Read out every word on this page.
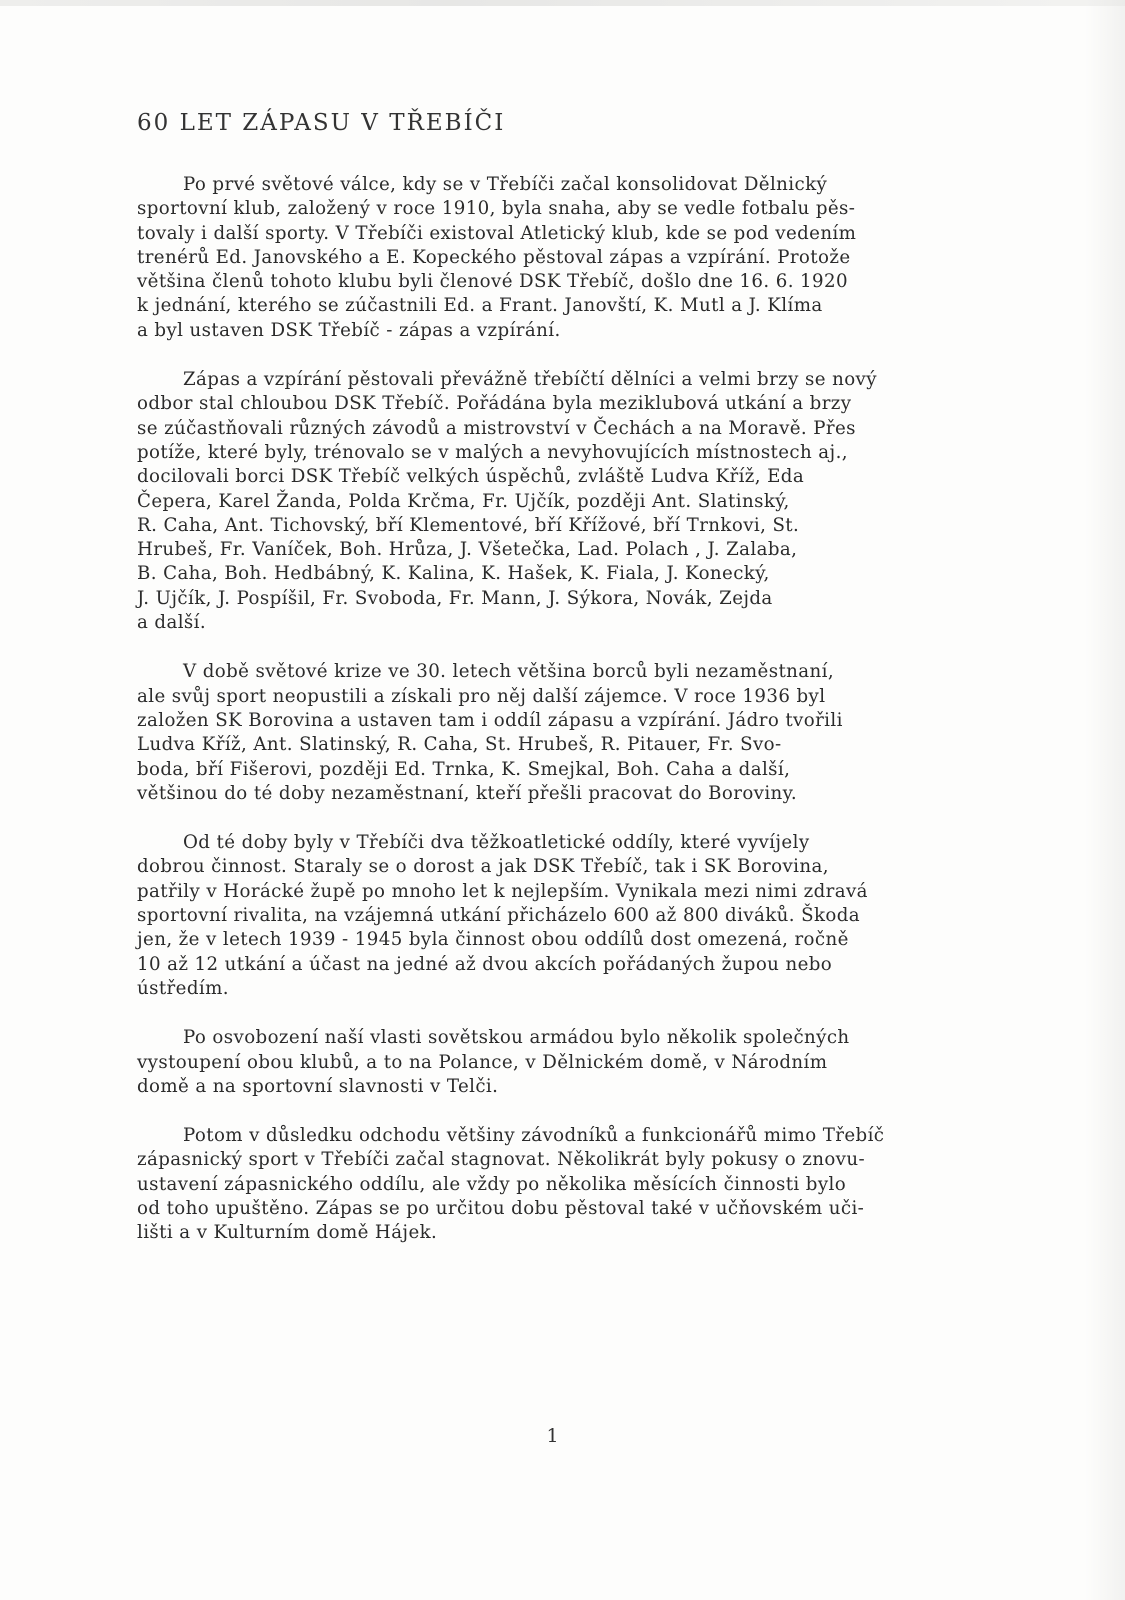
60 LET ZÁPASU V TŘEBÍČI
Po prvé světové válce, kdy se v Třebíči začal konsolidovat Dělnický
sportovní klub, založený v roce 1910, byla snaha, aby se vedle fotbalu pěs-
tovaly i další sporty. V Třebíči existoval Atletický klub, kde se pod vedením
trenérů Ed. Janovského a E. Kopeckého pěstoval zápas a vzpírání. Protože
většina členů tohoto klubu byli členové DSK Třebíč, došlo dne 16. 6. 1920
k jednání, kterého se zúčastnili Ed. a Frant. Janovští, K. Mutl a J. Klíma
a byl ustaven DSK Třebíč - zápas a vzpírání.
Zápas a vzpírání pěstovali převážně třebíčtí dělníci a velmi brzy se nový
odbor stal chloubou DSK Třebíč. Pořádána byla meziklubová utkání a brzy
se zúčastňovali různých závodů a mistrovství v Čechách a na Moravě. Přes
potíže, které byly, trénovalo se v malých a nevyhovujících místnostech aj.,
docilovali borci DSK Třebíč velkých úspěchů, zvláště Ludva Kříž, Eda
Čepera, Karel Žanda, Polda Krčma, Fr. Ujčík, později Ant. Slatinský,
R. Caha, Ant. Tichovský, bří Klementové, bří Křížové, bří Trnkovi, St.
Hrubeš, Fr. Vaníček, Boh. Hrůza, J. Všetečka, Lad. Polach , J. Zalaba,
B. Caha, Boh. Hedbábný, K. Kalina, K. Hašek, K. Fiala, J. Konecký,
J. Ujčík, J. Pospíšil, Fr. Svoboda, Fr. Mann, J. Sýkora, Novák, Zejda
a další.
V době světové krize ve 30. letech většina borců byli nezaměstnaní,
ale svůj sport neopustili a získali pro něj další zájemce. V roce 1936 byl
založen SK Borovina a ustaven tam i oddíl zápasu a vzpírání. Jádro tvořili
Ludva Kříž, Ant. Slatinský, R. Caha, St. Hrubeš, R. Pitauer, Fr. Svo-
boda, bří Fišerovi, později Ed. Trnka, K. Smejkal, Boh. Caha a další,
většinou do té doby nezaměstnaní, kteří přešli pracovat do Boroviny.
Od té doby byly v Třebíči dva těžkoatletické oddíly, které vyvíjely
dobrou činnost. Staraly se o dorost a jak DSK Třebíč, tak i SK Borovina,
patřily v Horácké župě po mnoho let k nejlepším. Vynikala mezi nimi zdravá
sportovní rivalita, na vzájemná utkání přicházelo 600 až 800 diváků. Škoda
jen, že v letech 1939 - 1945 byla činnost obou oddílů dost omezená, ročně
10 až 12 utkání a účast na jedné až dvou akcích pořádaných župou nebo
ústředím.
Po osvobození naší vlasti sovětskou armádou bylo několik společných
vystoupení obou klubů, a to na Polance, v Dělnickém domě, v Národním
domě a na sportovní slavnosti v Telči.
Potom v důsledku odchodu většiny závodníků a funkcionářů mimo Třebíč
zápasnický sport v Třebíči začal stagnovat. Několikrát byly pokusy o znovu-
ustavení zápasnického oddílu, ale vždy po několika měsících činnosti bylo
od toho upuštěno. Zápas se po určitou dobu pěstoval také v učňovském uči-
lišti a v Kulturním domě Hájek.
1
